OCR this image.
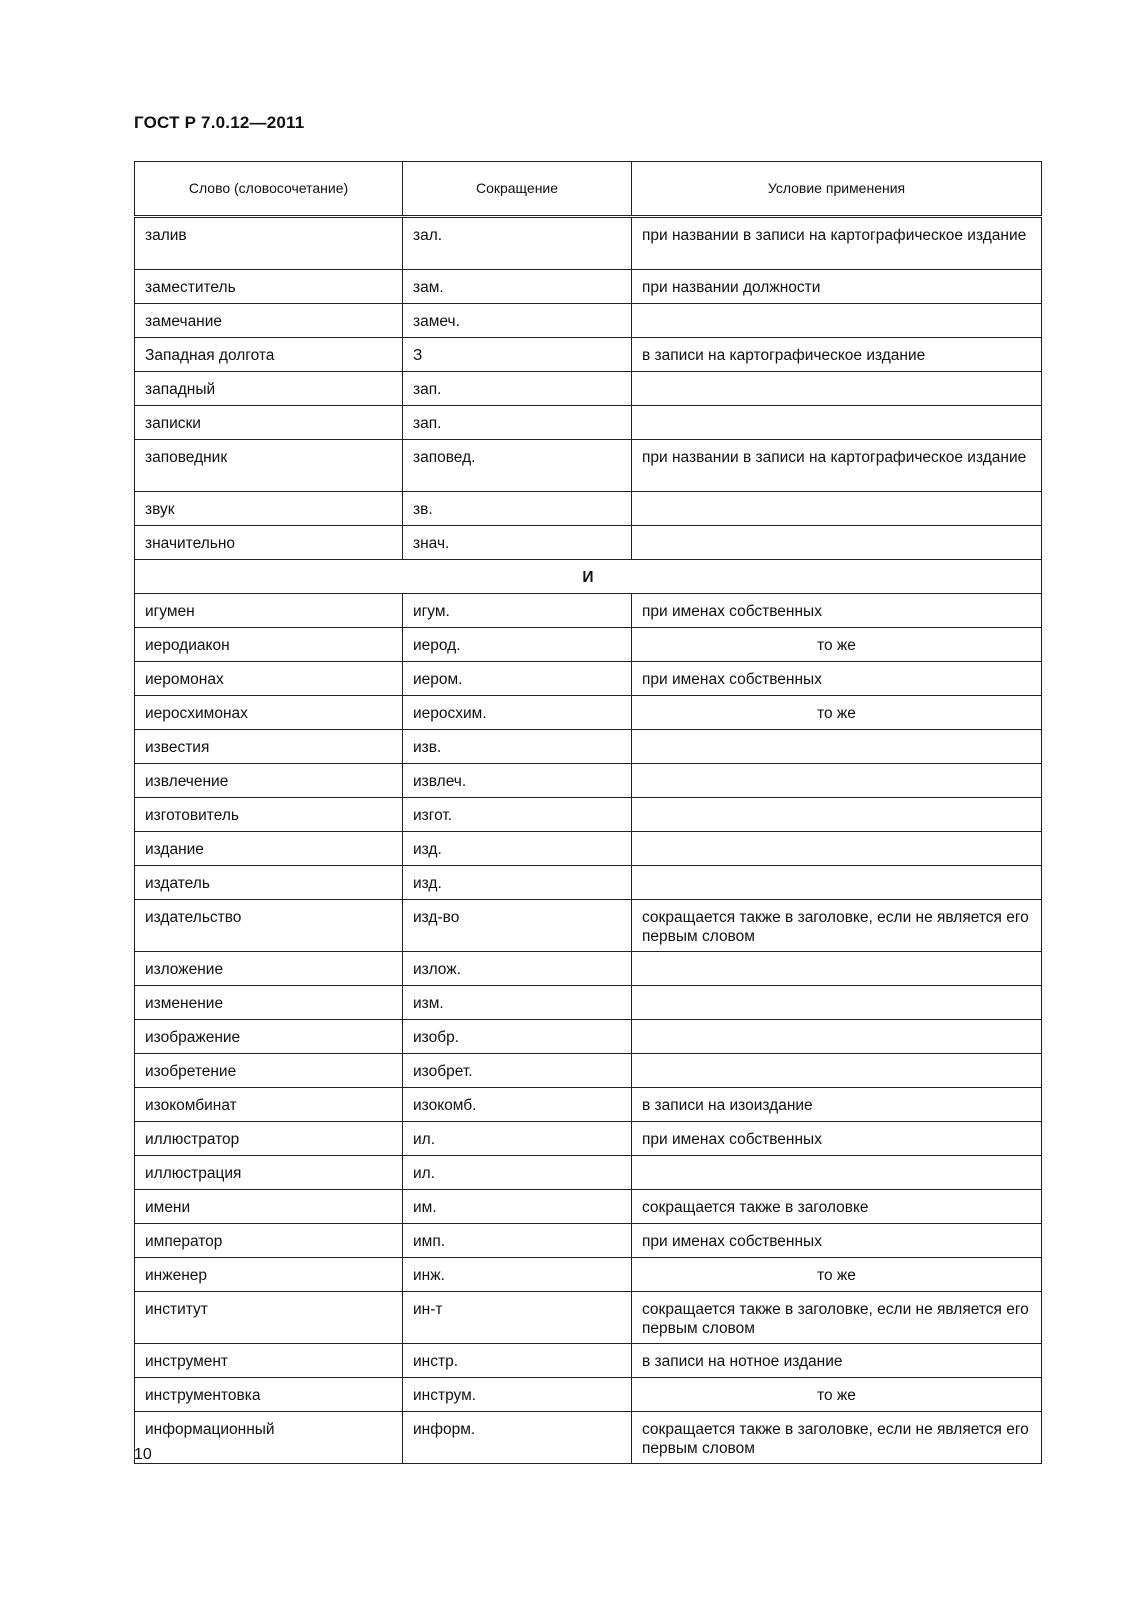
ГОСТ Р 7.0.12—2011
Слово (словосочетание)	Сокращение	Условие применения
залив	зал.	при названии в записи на картографическое издание
заместитель	зам.	при названии должности
замечание	замеч.	
Западная долгота	З	в записи на картографическое издание
западный	зап.	
записки	зап.	
заповедник	заповед.	при названии в записи на картографическое издание
звук	зв.	
значительно	знач.	
И		
игумен	игум.	при именах собственных
иеродиакон	иерод.	то же
иеромонах	иером.	при именах собственных
иеросхимонах	иеросхим.	то же
известия	изв.	
извлечение	извлеч.	
изготовитель	изгот.	
издание	изд.	
издатель	изд.	
издательство	изд-во	сокращается также в заголовке, если не является его первым словом
изложение	излож.	
изменение	изм.	
изображение	изобр.	
изобретение	изобрет.	
изокомбинат	изокомб.	в записи на изоиздание
иллюстратор	ил.	при именах собственных
иллюстрация	ил.	
имени	им.	сокращается также в заголовке
император	имп.	при именах собственных
инженер	инж.	то же
институт	ин-т	сокращается также в заголовке, если не является его первым словом
инструмент	инстр.	в записи на нотное издание
инструментовка	инструм.	то же
информационный	информ.	сокращается также в заголовке, если не является его первым словом
10
